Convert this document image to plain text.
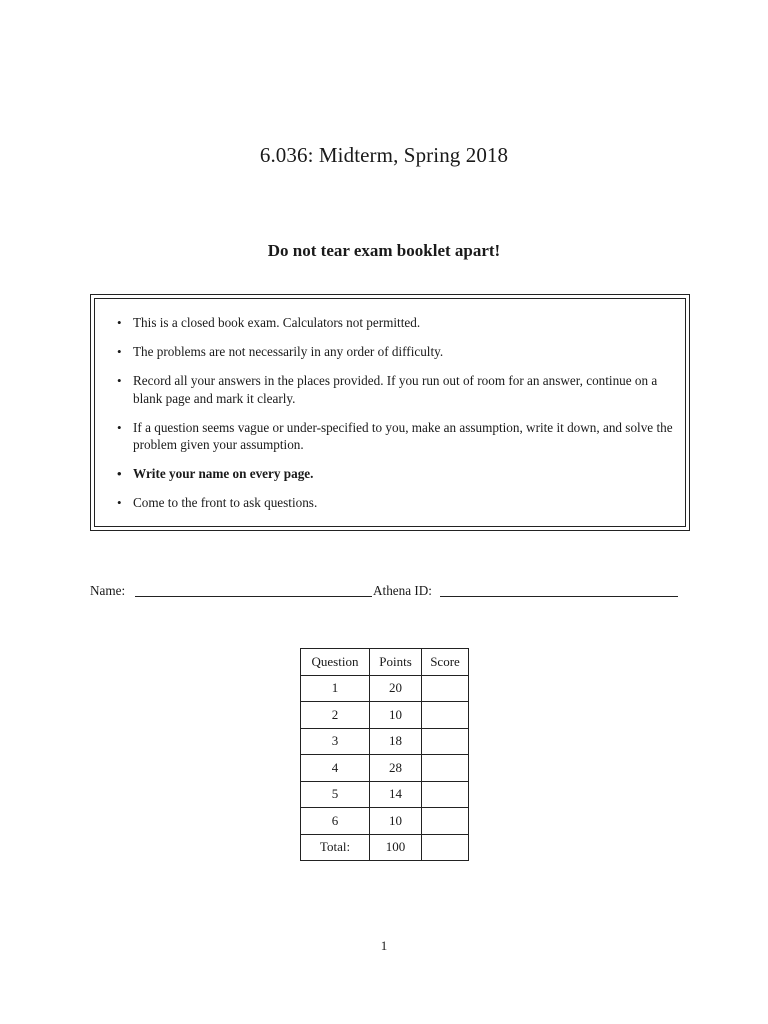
6.036: Midterm, Spring 2018
Do not tear exam booklet apart!
• This is a closed book exam. Calculators not permitted.
• The problems are not necessarily in any order of difficulty.
• Record all your answers in the places provided. If you run out of room for an answer, continue on a blank page and mark it clearly.
• If a question seems vague or under-specified to you, make an assumption, write it down, and solve the problem given your assumption.
• Write your name on every page.
• Come to the front to ask questions.
Name:	Athena ID:
Question	Points	Score
1	20	
2	10	
3	18	
4	28	
5	14	
6	10	
Total:	100	
1
